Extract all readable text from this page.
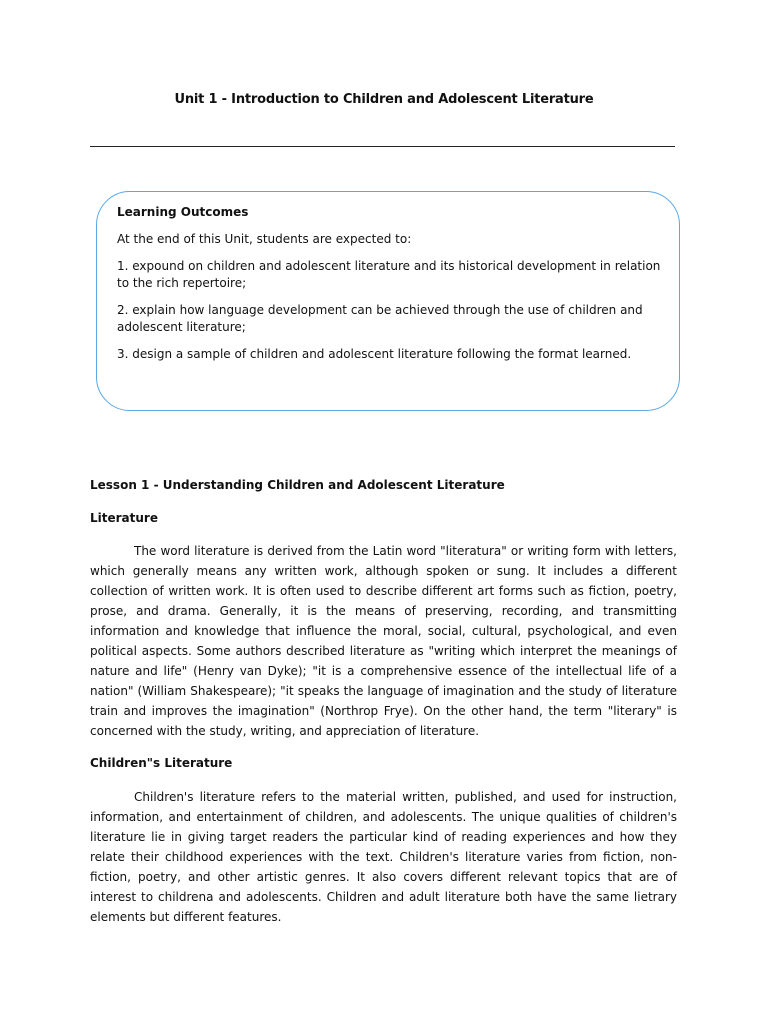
Unit 1 - Introduction to Children and Adolescent Literature
__________________________________________________________________________________________
Learning Outcomes

At the end of this Unit, students are expected to:

1. expound on children and adolescent literature and its historical development in relation to the rich repertoire;

2. explain how language development can be achieved through the use of children and adolescent literature;

3. design a sample of children and adolescent literature following the format learned.

Lesson 1 - Understanding Children and Adolescent Literature
Literature

The word literature is derived from the Latin word "literatura" or writing form with letters, which generally means any written work, although spoken or sung. It includes a different collection of written work. It is often used to describe different art forms such as fiction, poetry, prose, and drama. Generally, it is the means of preserving, recording, and transmitting information and knowledge that influence the moral, social, cultural, psychological, and even political aspects. Some authors described literature as "writing which interpret the meanings of nature and life" (Henry van Dyke); "it is a comprehensive essence of the intellectual life of a nation" (William Shakespeare); "it speaks the language of imagination and the study of literature train and improves the imagination" (Northrop Frye). On the other hand, the term "literary" is concerned with the study, writing, and appreciation of literature.

Children"s Literature

Children's literature refers to the material written, published, and used for instruction, information, and entertainment of children, and adolescents. The unique qualities of children's literature lie in giving target readers the particular kind of reading experiences and how they relate their childhood experiences with the text. Children's literature varies from fiction, non-fiction, poetry, and other artistic genres. It also covers different relevant topics that are of interest to childrena and adolescents. Children and adult literature both have the same lietrary elements but different features.
